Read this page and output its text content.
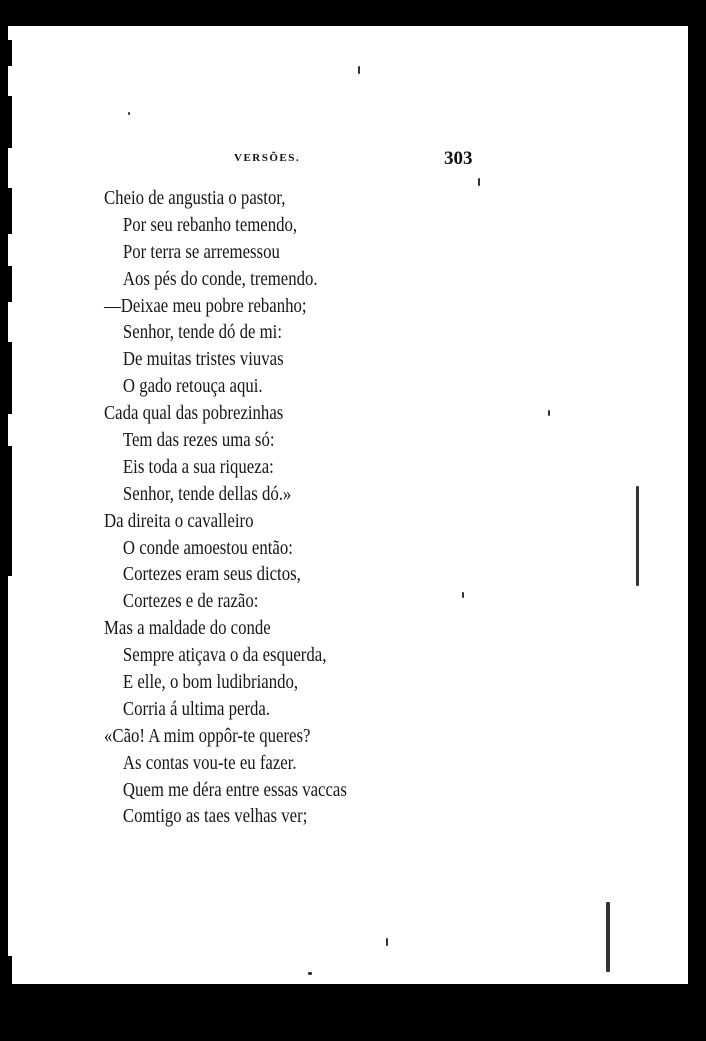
VERSÕES.	303
Cheio de angustia o pastor,
Por seu rebanho temendo,
Por terra se arremessou
Aos pés do conde, tremendo.
—Deixae meu pobre rebanho;
Senhor, tende dó de mi:
De muitas tristes viuvas
O gado retouça aqui.
Cada qual das pobrezinhas
Tem das rezes uma só:
Eis toda a sua riqueza:
Senhor, tende dellas dó.»
Da direita o cavalleiro
O conde amoestou então:
Cortezes eram seus dictos,
Cortezes e de razão:
Mas a maldade do conde
Sempre atiçava o da esquerda,
E elle, o bom ludibriando,
Corria á ultima perda.
«Cão! A mim oppôr-te queres?
As contas vou-te eu fazer.
Quem me déra entre essas vaccas
Comtigo as taes velhas ver;
